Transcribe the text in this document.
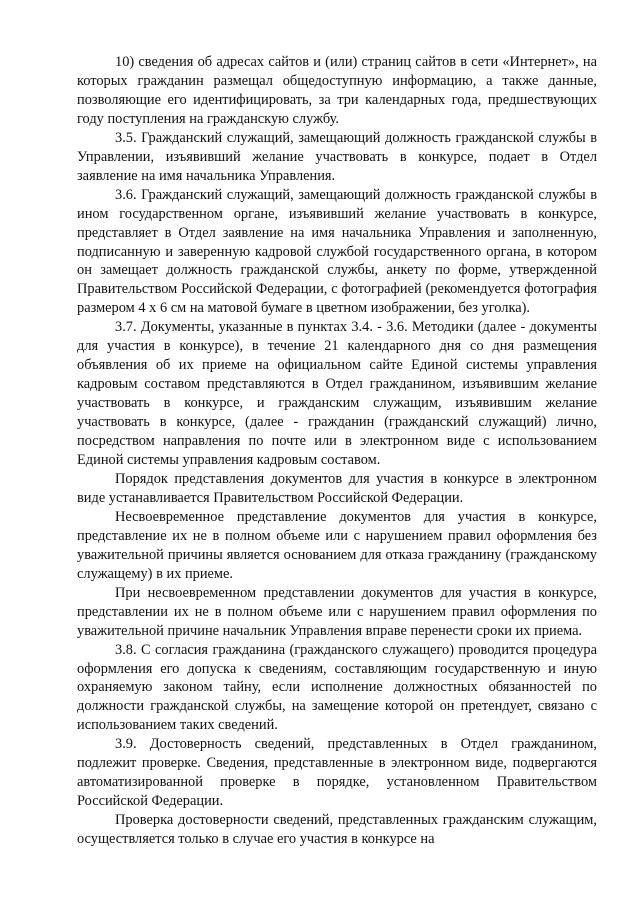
10) сведения об адресах сайтов и (или) страниц сайтов в сети «Интернет», на которых гражданин размещал общедоступную информацию, а также данные, позволяющие его идентифицировать, за три календарных года, предшествующих году поступления на гражданскую службу.

3.5. Гражданский служащий, замещающий должность гражданской службы в Управлении, изъявивший желание участвовать в конкурсе, подает в Отдел заявление на имя начальника Управления.

3.6. Гражданский служащий, замещающий должность гражданской службы в ином государственном органе, изъявивший желание участвовать в конкурсе, представляет в Отдел заявление на имя начальника Управления и заполненную, подписанную и заверенную кадровой службой государственного органа, в котором он замещает должность гражданской службы, анкету по форме, утвержденной Правительством Российской Федерации, с фотографией (рекомендуется фотография размером 4 х 6 см на матовой бумаге в цветном изображении, без уголка).

3.7. Документы, указанные в пунктах 3.4. - 3.6. Методики (далее - документы для участия в конкурсе), в течение 21 календарного дня со дня размещения объявления об их приеме на официальном сайте Единой системы управления кадровым составом представляются в Отдел гражданином, изъявившим желание участвовать в конкурсе, и гражданским служащим, изъявившим желание участвовать в конкурсе, (далее - гражданин (гражданский служащий) лично, посредством направления по почте или в электронном виде с использованием Единой системы управления кадровым составом.

Порядок представления документов для участия в конкурсе в электронном виде устанавливается Правительством Российской Федерации.

Несвоевременное представление документов для участия в конкурсе, представление их не в полном объеме или с нарушением правил оформления без уважительной причины является основанием для отказа гражданину (гражданскому служащему) в их приеме.

При несвоевременном представлении документов для участия в конкурсе, представлении их не в полном объеме или с нарушением правил оформления по уважительной причине начальник Управления вправе перенести сроки их приема.

3.8. С согласия гражданина (гражданского служащего) проводится процедура оформления его допуска к сведениям, составляющим государственную и иную охраняемую законом тайну, если исполнение должностных обязанностей по должности гражданской службы, на замещение которой он претендует, связано с использованием таких сведений.

3.9. Достоверность сведений, представленных в Отдел гражданином, подлежит проверке. Сведения, представленные в электронном виде, подвергаются автоматизированной проверке в порядке, установленном Правительством Российской Федерации.

Проверка достоверности сведений, представленных гражданским служащим, осуществляется только в случае его участия в конкурсе на
